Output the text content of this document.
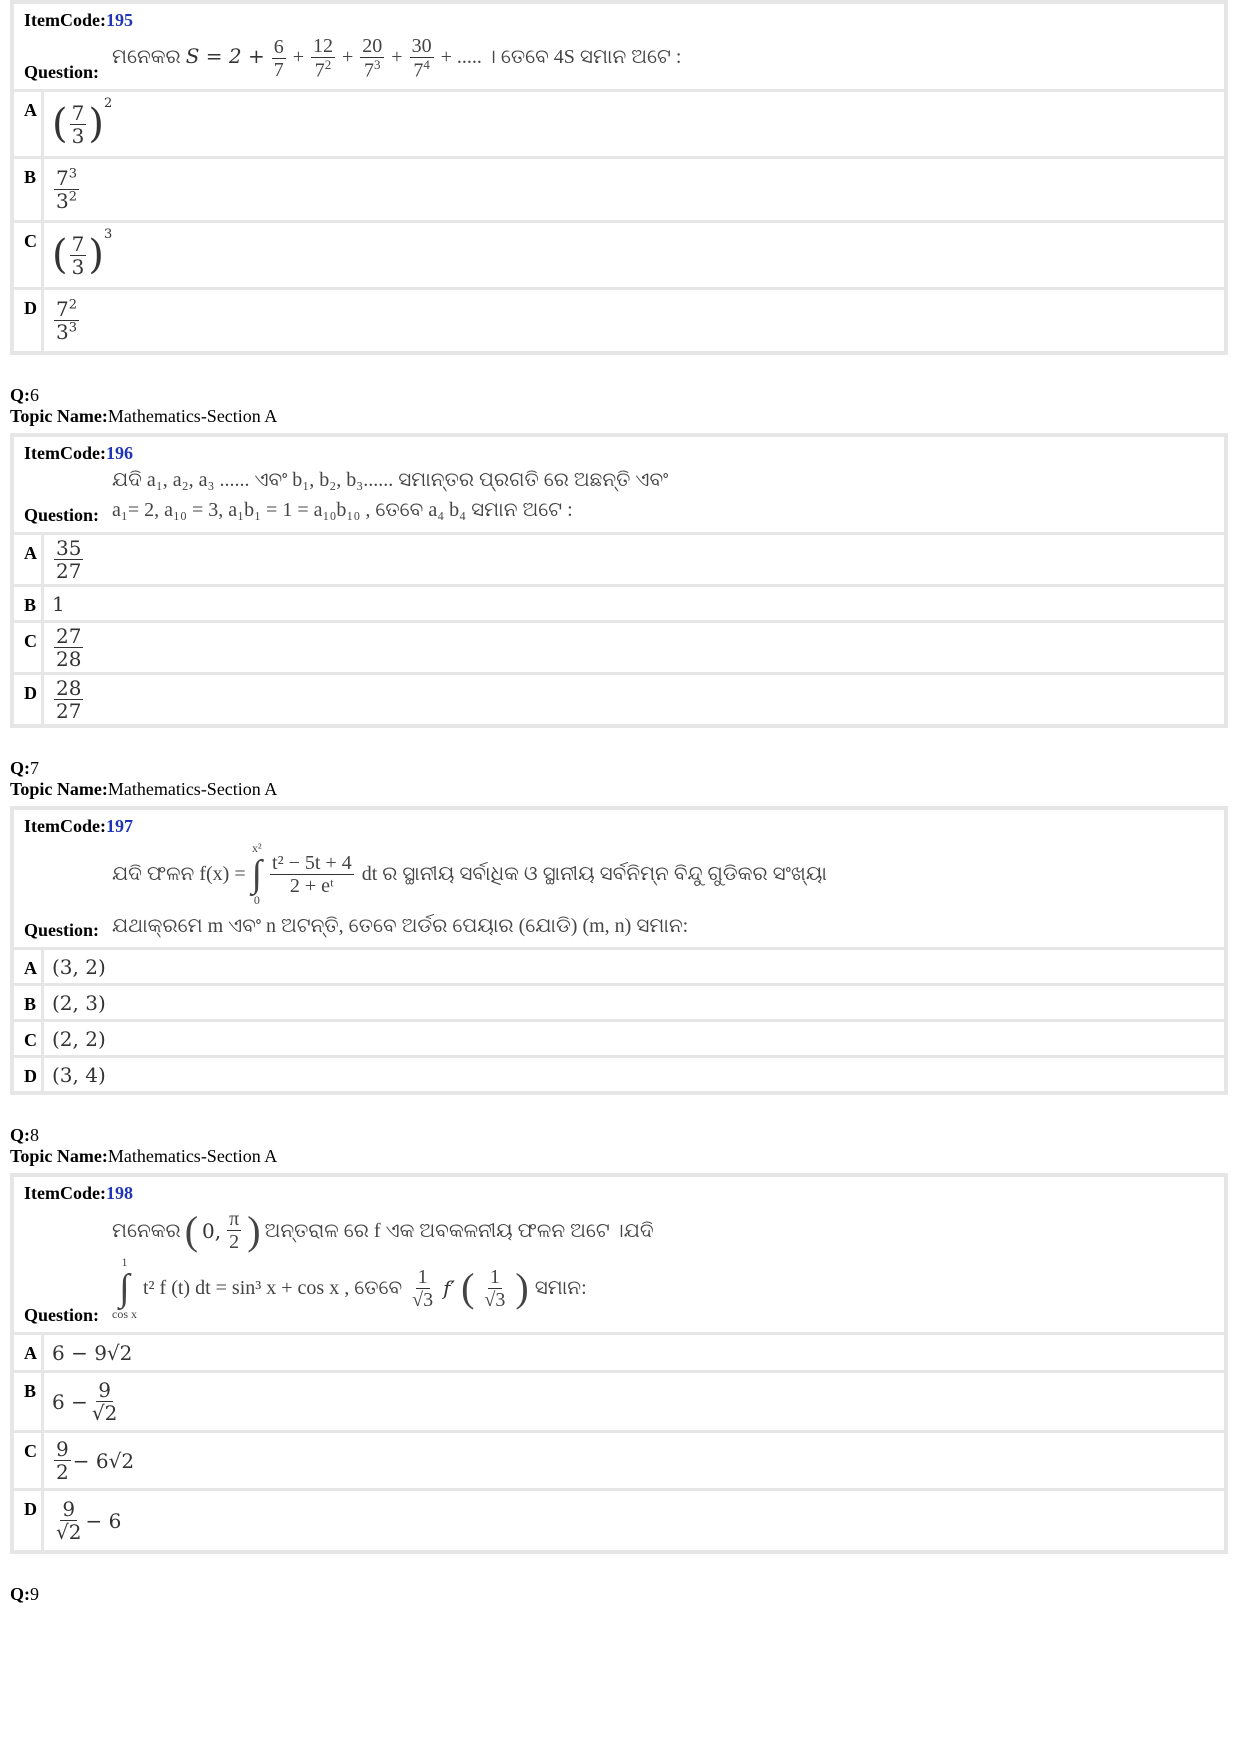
ItemCode:195
ମନେକର $S = 2 + \frac{6}{7} + \frac{12}{7^2} + \frac{20}{7^3} + \frac{30}{7^4}$ + ..... । ତେବେ 4S ସମାନ ଅଟେ :
Question:
A ( $\frac{7}{3} )^2$
B $\frac{7^3}{3^2}$
C ( $\frac{7}{3} )^3$
D $\frac{7^2}{3^3}$
Q:6
Topic Name:Mathematics-Section A
ItemCode:196
ଯଦି a₁, a₂, a₃ ...... ଏବଂ b₁, b₂, b₃...... ସମାନ୍ତର ପ୍ରଗତି ରେ ଅଛନ୍ତି ଏବଂ
a₁= 2, a₁₀ = 3, a₁b₁ = 1 = a₁₀b₁₀ , ତେବେ a₄ b₄ ସମାନ ଅଟେ :
Question:
A $\frac{35}{27}$
B 1
C $\frac{27}{28}$
D $\frac{28}{27}$
Q:7
Topic Name:Mathematics-Section A
ItemCode:197
ଯଦି ଫଳନ f(x) =
x²
∫
0
$\frac{\text{t² − 5t + 4}}{\text{2 + eᵗ}}$ dt ର ସ୍ଥାନୀୟ ସର୍ବାଧିକ ଓ ସ୍ଥାନୀୟ ସର୍ବନିମ୍ନ ବିନ୍ଦୁ ଗୁଡିକର ସଂଖ୍ୟା
ଯଥାକ୍ରମେ m ଏବଂ n ଅଟନ୍ତି, ତେବେ ଅର୍ଡର ପେୟାର (ଯୋଡି) (m, n) ସମାନ:
Question:
A (3, 2)
B (2, 3)
C (2, 2)
D (3, 4)
Q:8
Topic Name:Mathematics-Section A
ItemCode:198
ମନେକର ( 0, $\frac{\pi}{2}$ ) ଅନ୍ତରାଳ ରେ f ଏକ ଅବକଳନୀୟ ଫଳନ ଅଟେ ।ଯଦି
1
∫
cos x
t² f (t) dt = sin³ x + cos x , ତେବେ $\frac{1}{√3} f'$ ( $\frac{1}{√3}$ ) ସମାନ:
Question:
A 6 − 9√2
B $6 - \frac{9}{√2}$
C $\frac{9}{2} - 6√2$
D $\frac{9}{√2} - 6$
Q:9
